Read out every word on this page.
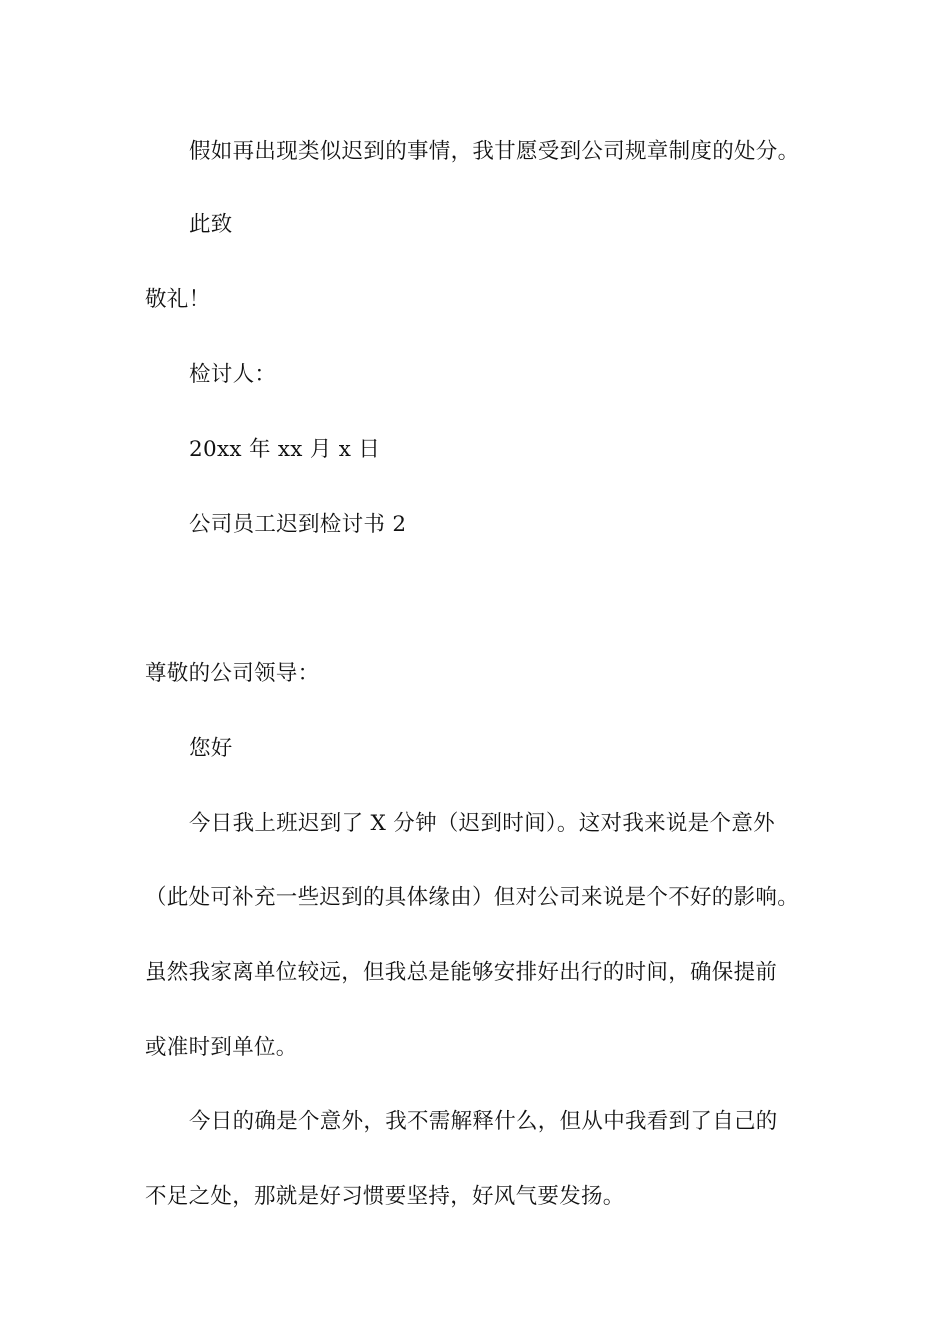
假如再出现类似迟到的事情，我甘愿受到公司规章制度的处分。
此致
敬礼！
检讨人：
20xx 年 xx 月 x 日
公司员工迟到检讨书 2
尊敬的公司领导：
您好
今日我上班迟到了 X 分钟（迟到时间）。这对我来说是个意外
（此处可补充一些迟到的具体缘由）但对公司来说是个不好的影响。
虽然我家离单位较远，但我总是能够安排好出行的时间，确保提前
或准时到单位。
今日的确是个意外，我不需解释什么，但从中我看到了自己的
不足之处，那就是好习惯要坚持，好风气要发扬。
